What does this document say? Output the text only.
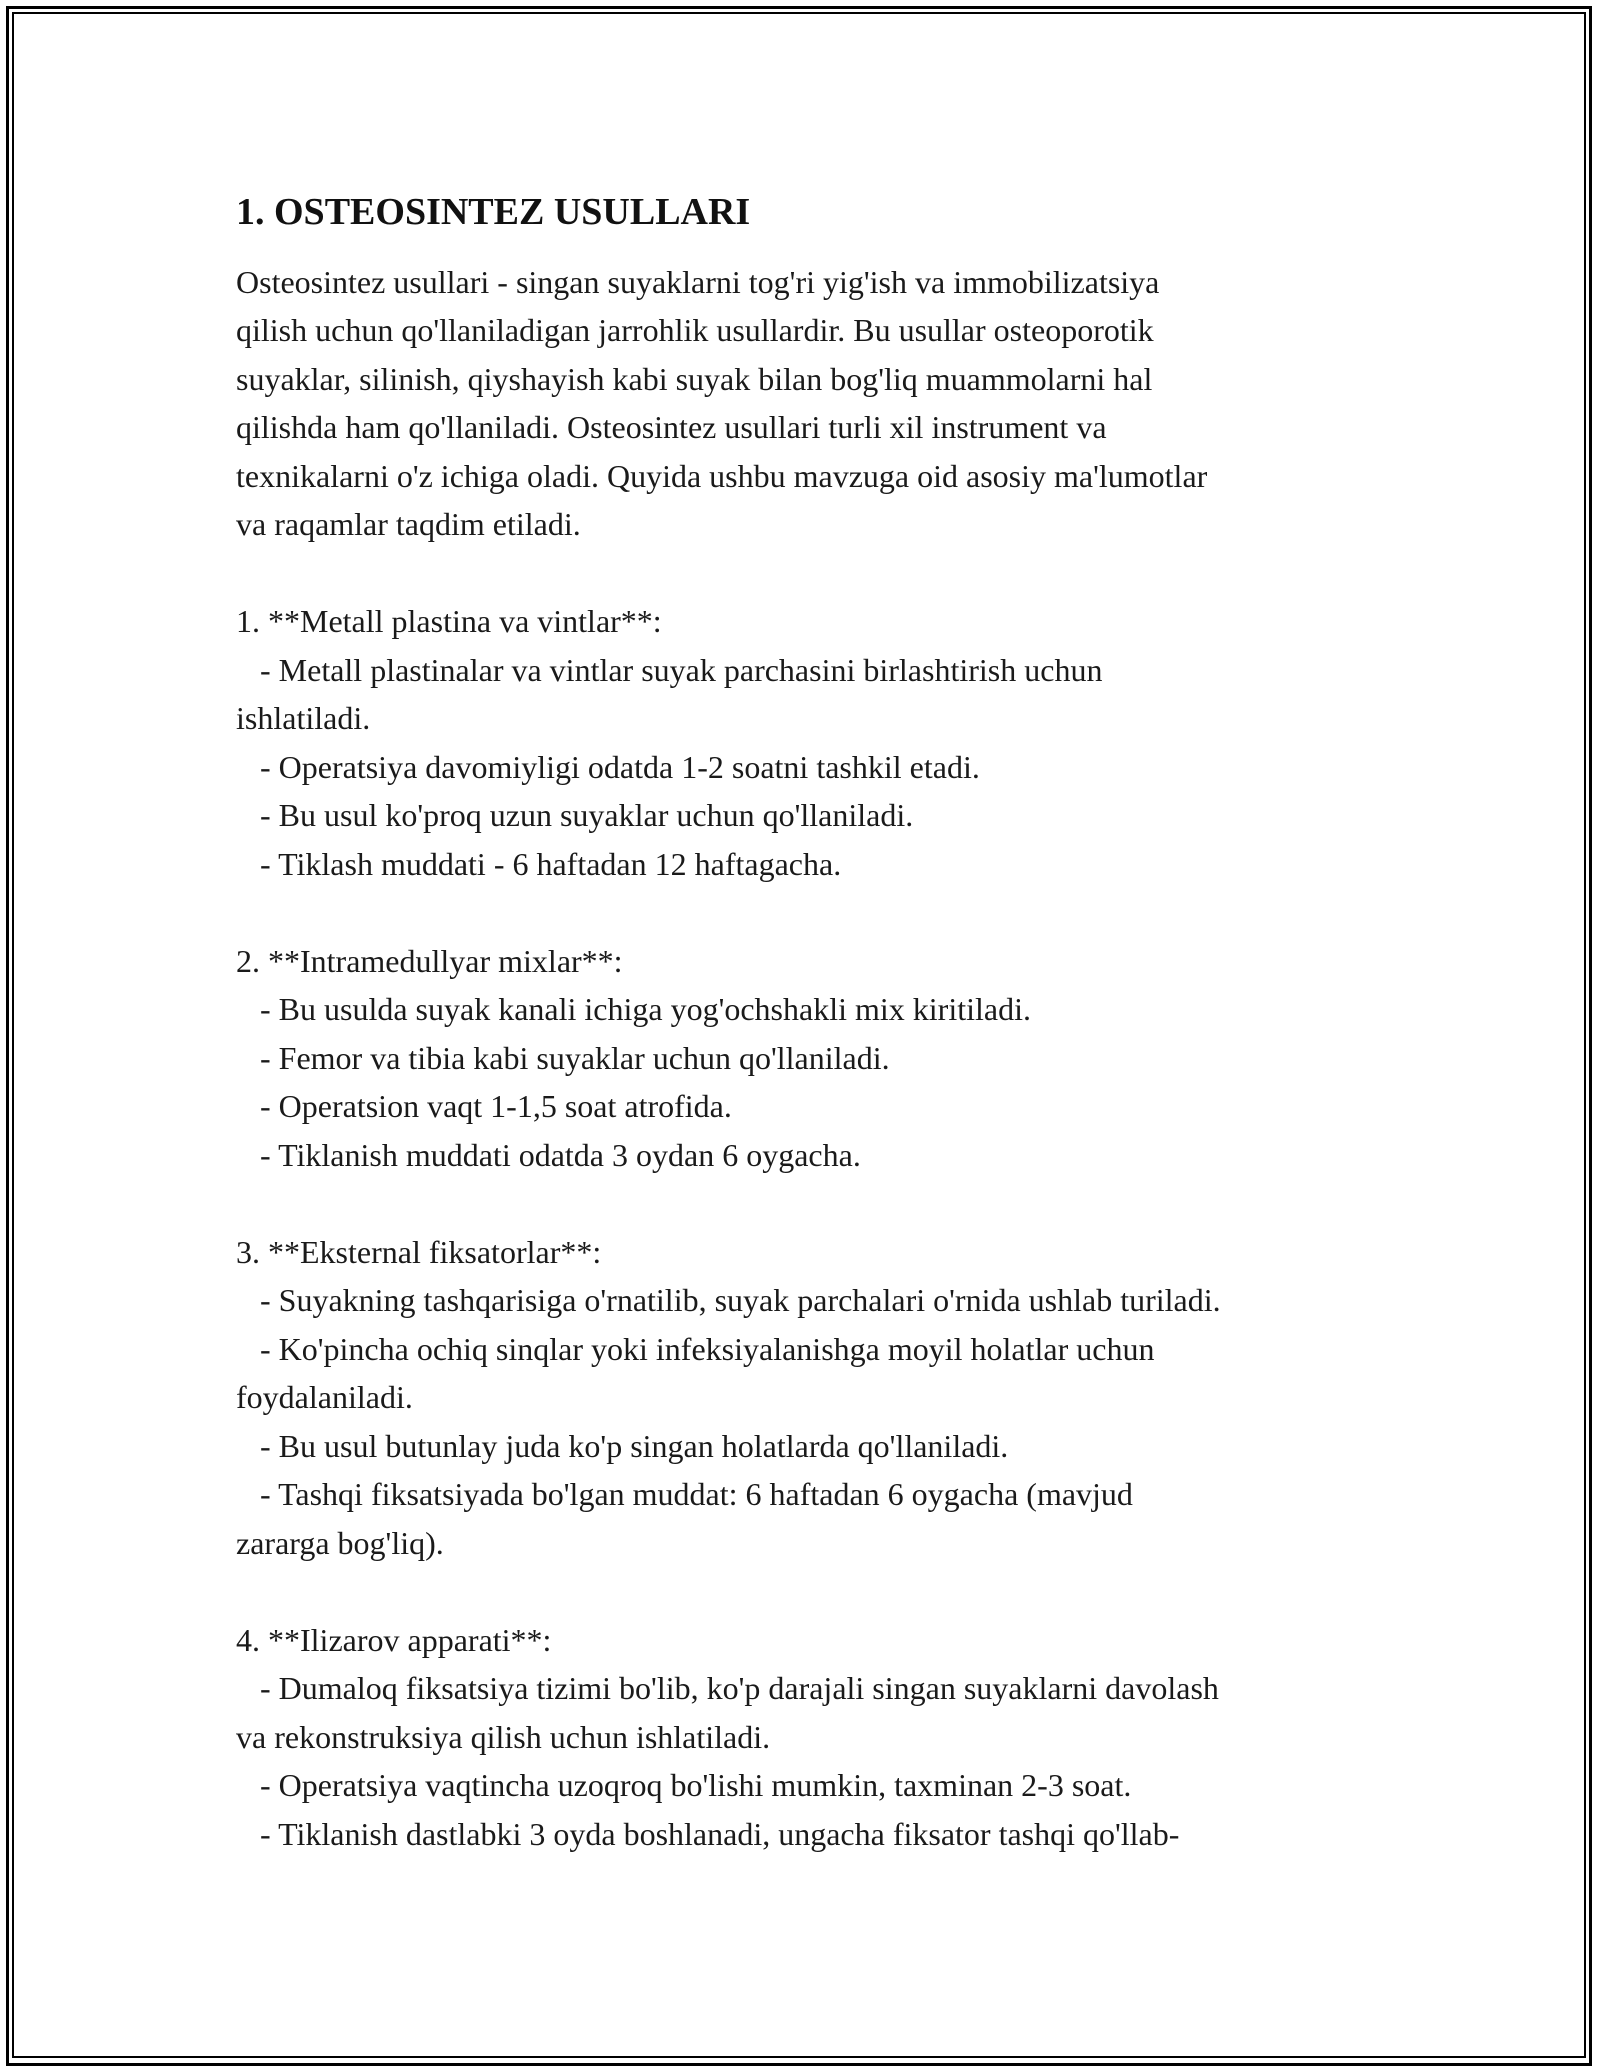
1. OSTEOSINTEZ USULLARI
Osteosintez usullari - singan suyaklarni tog'ri yig'ish va immobilizatsiya
qilish uchun qo'llaniladigan jarrohlik usullardir. Bu usullar osteoporotik
suyaklar, silinish, qiyshayish kabi suyak bilan bog'liq muammolarni hal
qilishda ham qo'llaniladi. Osteosintez usullari turli xil instrument va
texnikalarni o'z ichiga oladi. Quyida ushbu mavzuga oid asosiy ma'lumotlar
va raqamlar taqdim etiladi.
1. **Metall plastina va vintlar**:
- Metall plastinalar va vintlar suyak parchasini birlashtirish uchun
ishlatiladi.
- Operatsiya davomiyligi odatda 1-2 soatni tashkil etadi.
- Bu usul ko'proq uzun suyaklar uchun qo'llaniladi.
- Tiklash muddati - 6 haftadan 12 haftagacha.
2. **Intramedullyar mixlar**:
- Bu usulda suyak kanali ichiga yog'ochshakli mix kiritiladi.
- Femor va tibia kabi suyaklar uchun qo'llaniladi.
- Operatsion vaqt 1-1,5 soat atrofida.
- Tiklanish muddati odatda 3 oydan 6 oygacha.
3. **Eksternal fiksatorlar**:
- Suyakning tashqarisiga o'rnatilib, suyak parchalari o'rnida ushlab turiladi.
- Ko'pincha ochiq sinqlar yoki infeksiyalanishga moyil holatlar uchun
foydalaniladi.
- Bu usul butunlay juda ko'p singan holatlarda qo'llaniladi.
- Tashqi fiksatsiyada bo'lgan muddat: 6 haftadan 6 oygacha (mavjud
zararga bog'liq).
4. **Ilizarov apparati**:
- Dumaloq fiksatsiya tizimi bo'lib, ko'p darajali singan suyaklarni davolash
va rekonstruksiya qilish uchun ishlatiladi.
- Operatsiya vaqtincha uzoqroq bo'lishi mumkin, taxminan 2-3 soat.
- Tiklanish dastlabki 3 oyda boshlanadi, ungacha fiksator tashqi qo'llab-
